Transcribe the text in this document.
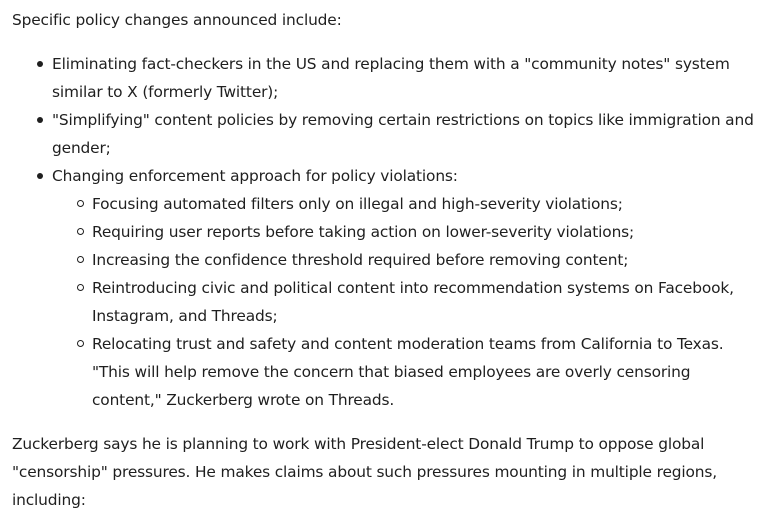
Specific policy changes announced include:

Eliminating fact-checkers in the US and replacing them with a "community notes" system similar to X (formerly Twitter);
"Simplifying" content policies by removing certain restrictions on topics like immigration and gender;
Changing enforcement approach for policy violations:
Focusing automated filters only on illegal and high-severity violations;
Requiring user reports before taking action on lower-severity violations;
Increasing the confidence threshold required before removing content;
Reintroducing civic and political content into recommendation systems on Facebook, Instagram, and Threads;
Relocating trust and safety and content moderation teams from California to Texas. "This will help remove the concern that biased employees are overly censoring content," Zuckerberg wrote on Threads.

Zuckerberg says he is planning to work with President-elect Donald Trump to oppose global "censorship" pressures. He makes claims about such pressures mounting in multiple regions, including:
